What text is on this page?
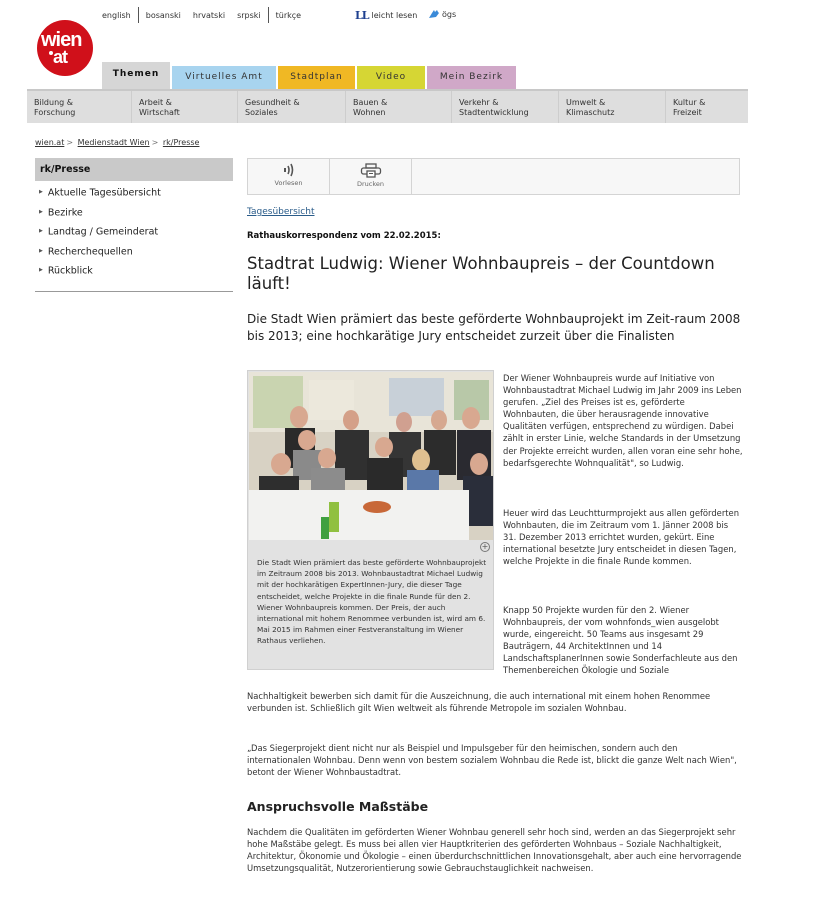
wien
at
english	bosanski	hrvatski	srpski	türkçe	LL leicht lesen	ögs
Themen	Virtuelles Amt	Stadtplan	Video	Mein Bezirk
Bildung &
Forschung
Arbeit &
Wirtschaft
Gesundheit &
Soziales
Bauen &
Wohnen
Verkehr &
Stadtentwicklung
Umwelt &
Klimaschutz
Kultur &
Freizeit
wien.at > Medienstadt Wien > rk/Presse
rk/Presse
▶ Aktuelle Tagesübersicht
▶ Bezirke
▶ Landtag / Gemeinderat
▶ Recherchequellen
▶ Rückblick
Vorlesen	Drucken
Tagesübersicht
Rathauskorrespondenz vom 22.02.2015:
Stadtrat Ludwig: Wiener Wohnbaupreis – der Countdown läuft!
Die Stadt Wien prämiert das beste geförderte Wohnbauprojekt im Zeit-raum 2008 bis 2013; eine hochkarätige Jury entscheidet zurzeit über die Finalisten
+
Die Stadt Wien prämiert das beste geförderte Wohnbauprojekt im Zeitraum 2008 bis 2013. Wohnbaustadtrat Michael Ludwig mit der hochkarätigen ExpertInnen-Jury, die dieser Tage entscheidet, welche Projekte in die finale Runde für den 2. Wiener Wohnbaupreis kommen. Der Preis, der auch international mit hohem Renommee verbunden ist, wird am 6. Mai 2015 im Rahmen einer Festveranstaltung im Wiener Rathaus verliehen.
Der Wiener Wohnbaupreis wurde auf Initiative von Wohnbaustadtrat Michael Ludwig im Jahr 2009 ins Leben gerufen. „Ziel des Preises ist es, geförderte Wohnbauten, die über herausragende innovative Qualitäten verfügen, entsprechend zu würdigen. Dabei zählt in erster Linie, welche Standards in der Umsetzung der Projekte erreicht wurden, allen voran eine sehr hohe, bedarfsgerechte Wohnqualität", so Ludwig.
Heuer wird das Leuchtturmprojekt aus allen geförderten Wohnbauten, die im Zeitraum vom 1. Jänner 2008 bis 31. Dezember 2013 errichtet wurden, gekürt. Eine international besetzte Jury entscheidet in diesen Tagen, welche Projekte in die finale Runde kommen.
Knapp 50 Projekte wurden für den 2. Wiener Wohnbaupreis, der vom wohnfonds_wien ausgelobt wurde, eingereicht. 50 Teams aus insgesamt 29 Bauträgern, 44 ArchitektInnen und 14 LandschaftsplanerInnen sowie Sonderfachleute aus den Themenbereichen Ökologie und Soziale
Nachhaltigkeit bewerben sich damit für die Auszeichnung, die auch international mit einem hohen Renommee verbunden ist. Schließlich gilt Wien weltweit als führende Metropole im sozialen Wohnbau.
„Das Siegerprojekt dient nicht nur als Beispiel und Impulsgeber für den heimischen, sondern auch den internationalen Wohnbau. Denn wenn von bestem sozialem Wohnbau die Rede ist, blickt die ganze Welt nach Wien", betont der Wiener Wohnbaustadtrat.
Anspruchsvolle Maßstäbe
Nachdem die Qualitäten im geförderten Wiener Wohnbau generell sehr hoch sind, werden an das Siegerprojekt sehr hohe Maßstäbe gelegt. Es muss bei allen vier Hauptkriterien des geförderten Wohnbaus – Soziale Nachhaltigkeit, Architektur, Ökonomie und Ökologie – einen überdurchschnittlichen Innovationsgehalt, aber auch eine hervorragende Umsetzungsqualität, Nutzerorientierung sowie Gebrauchstauglichkeit nachweisen.
